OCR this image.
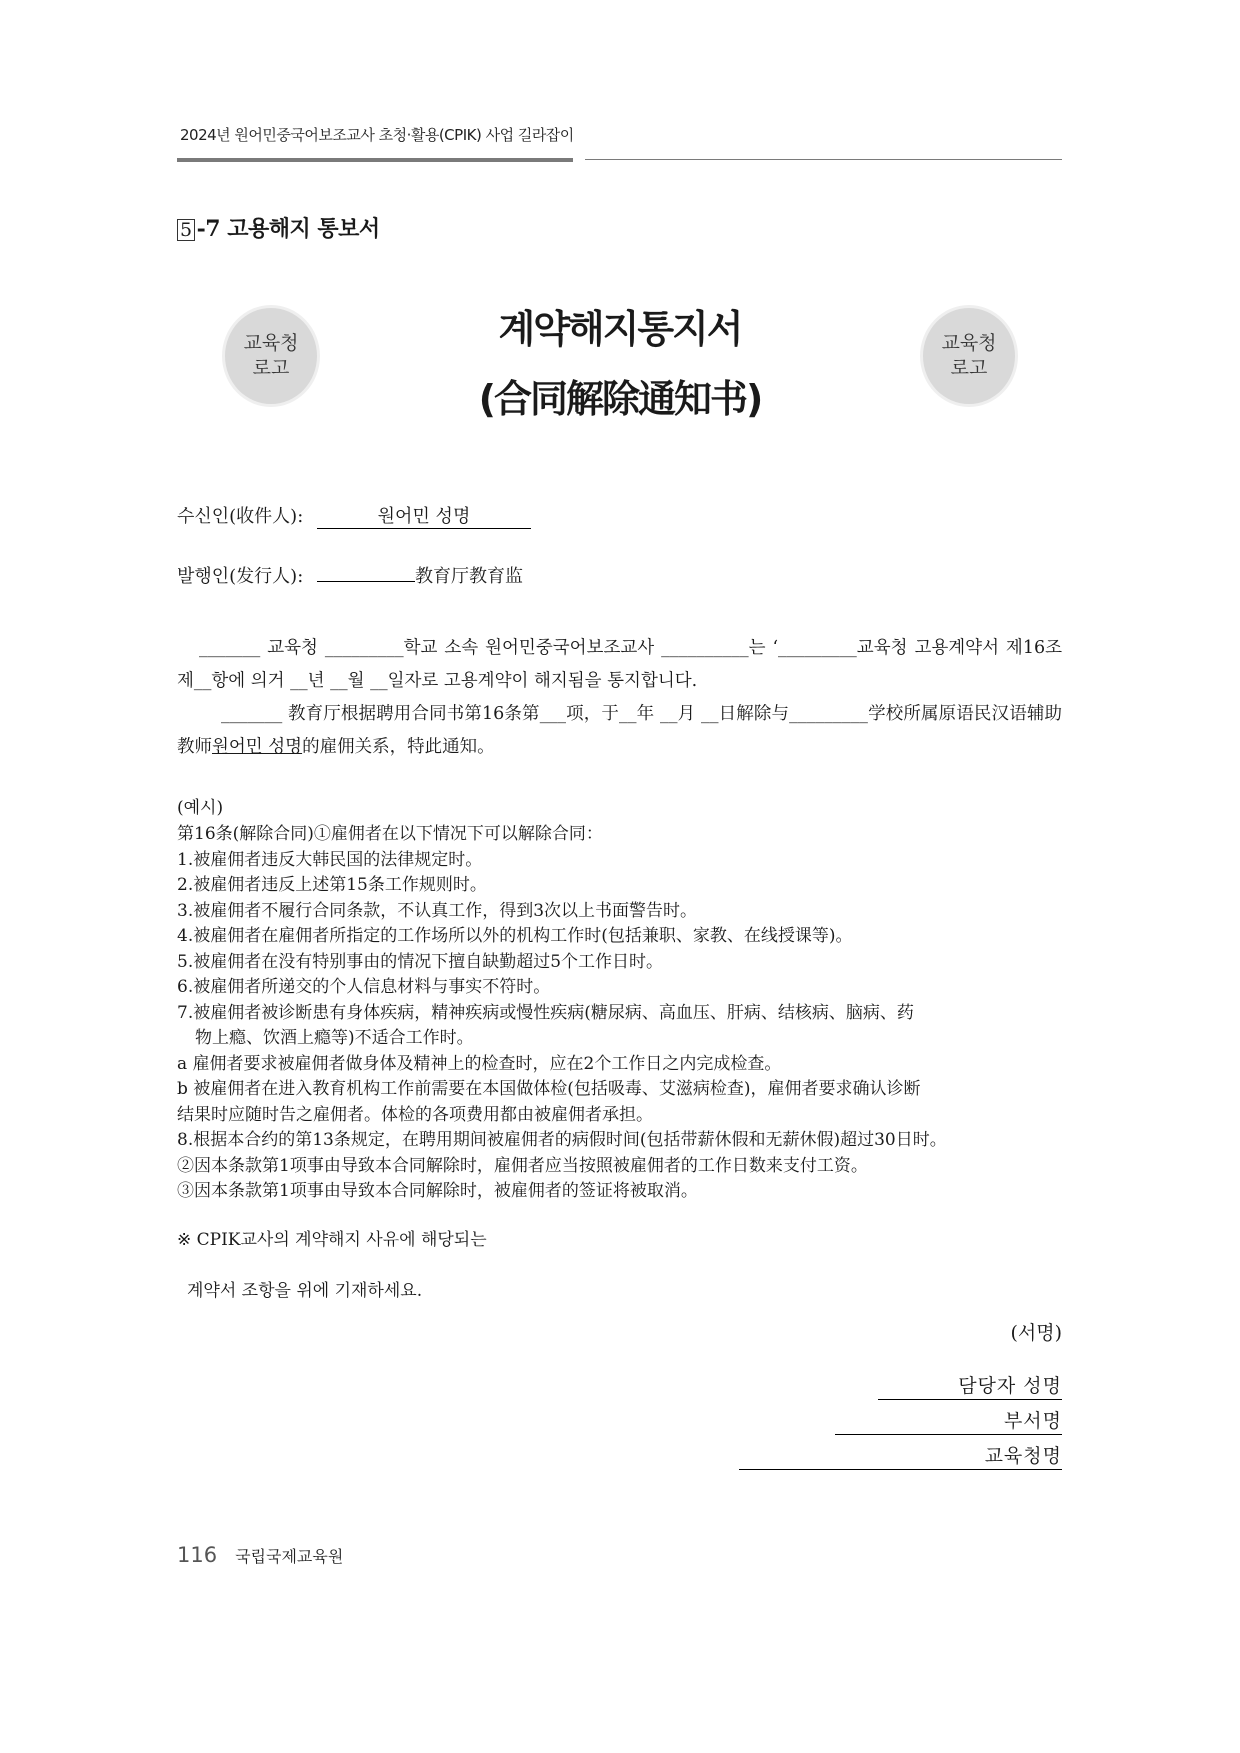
2024년 원어민중국어보조교사 초청·활용(CPIK) 사업 길라잡이
5 -7 고용해지 통보서
교육청
로고
교육청
로고
계약해지통지서
(合同解除通知书)
수신인(收件人):	원어민 성명
발행인(发行人):	教育厅教育监
_______ 교육청 _________학교 소속 원어민중국어보조교사 __________는 ‘_________교육청 고용계약서 제16조 제__항에 의거 __년 __월 __일자로 고용계약이 해지됨을 통지합니다.
_______ 教育厅根据聘用合同书第16条第___项，于__年 __月 __日解除与_________学校所属原语民汉语辅助教师원어민 성명的雇佣关系，特此通知。
(예시)
第16条(解除合同)①雇佣者在以下情况下可以解除合同：
1.被雇佣者违反大韩民国的法律规定时。
2.被雇佣者违反上述第15条工作规则时。
3.被雇佣者不履行合同条款，不认真工作，得到3次以上书面警告时。
4.被雇佣者在雇佣者所指定的工作场所以外的机构工作时(包括兼职、家教、在线授课等)。
5.被雇佣者在没有特别事由的情况下擅自缺勤超过5个工作日时。
6.被雇佣者所递交的个人信息材料与事实不符时。
7.被雇佣者被诊断患有身体疾病，精神疾病或慢性疾病(糖尿病、高血压、肝病、结核病、脑病、药
物上瘾、饮酒上瘾等)不适合工作时。
a 雇佣者要求被雇佣者做身体及精神上的检查时，应在2个工作日之内完成检查。
b 被雇佣者在进入教育机构工作前需要在本国做体检(包括吸毒、艾滋病检查)，雇佣者要求确认诊断
结果时应随时告之雇佣者。体检的各项费用都由被雇佣者承担。
8.根据本合约的第13条规定，在聘用期间被雇佣者的病假时间(包括带薪休假和无薪休假)超过30日时。
②因本条款第1项事由导致本合同解除时，雇佣者应当按照被雇佣者的工作日数来支付工资。
③因本条款第1项事由导致本合同解除时，被雇佣者的签证将被取消。
※ CPIK교사의 계약해지 사유에 해당되는
계약서 조항을 위에 기재하세요.
(서명)
담당자 성명
부서명
교육청명
116 국립국제교육원
